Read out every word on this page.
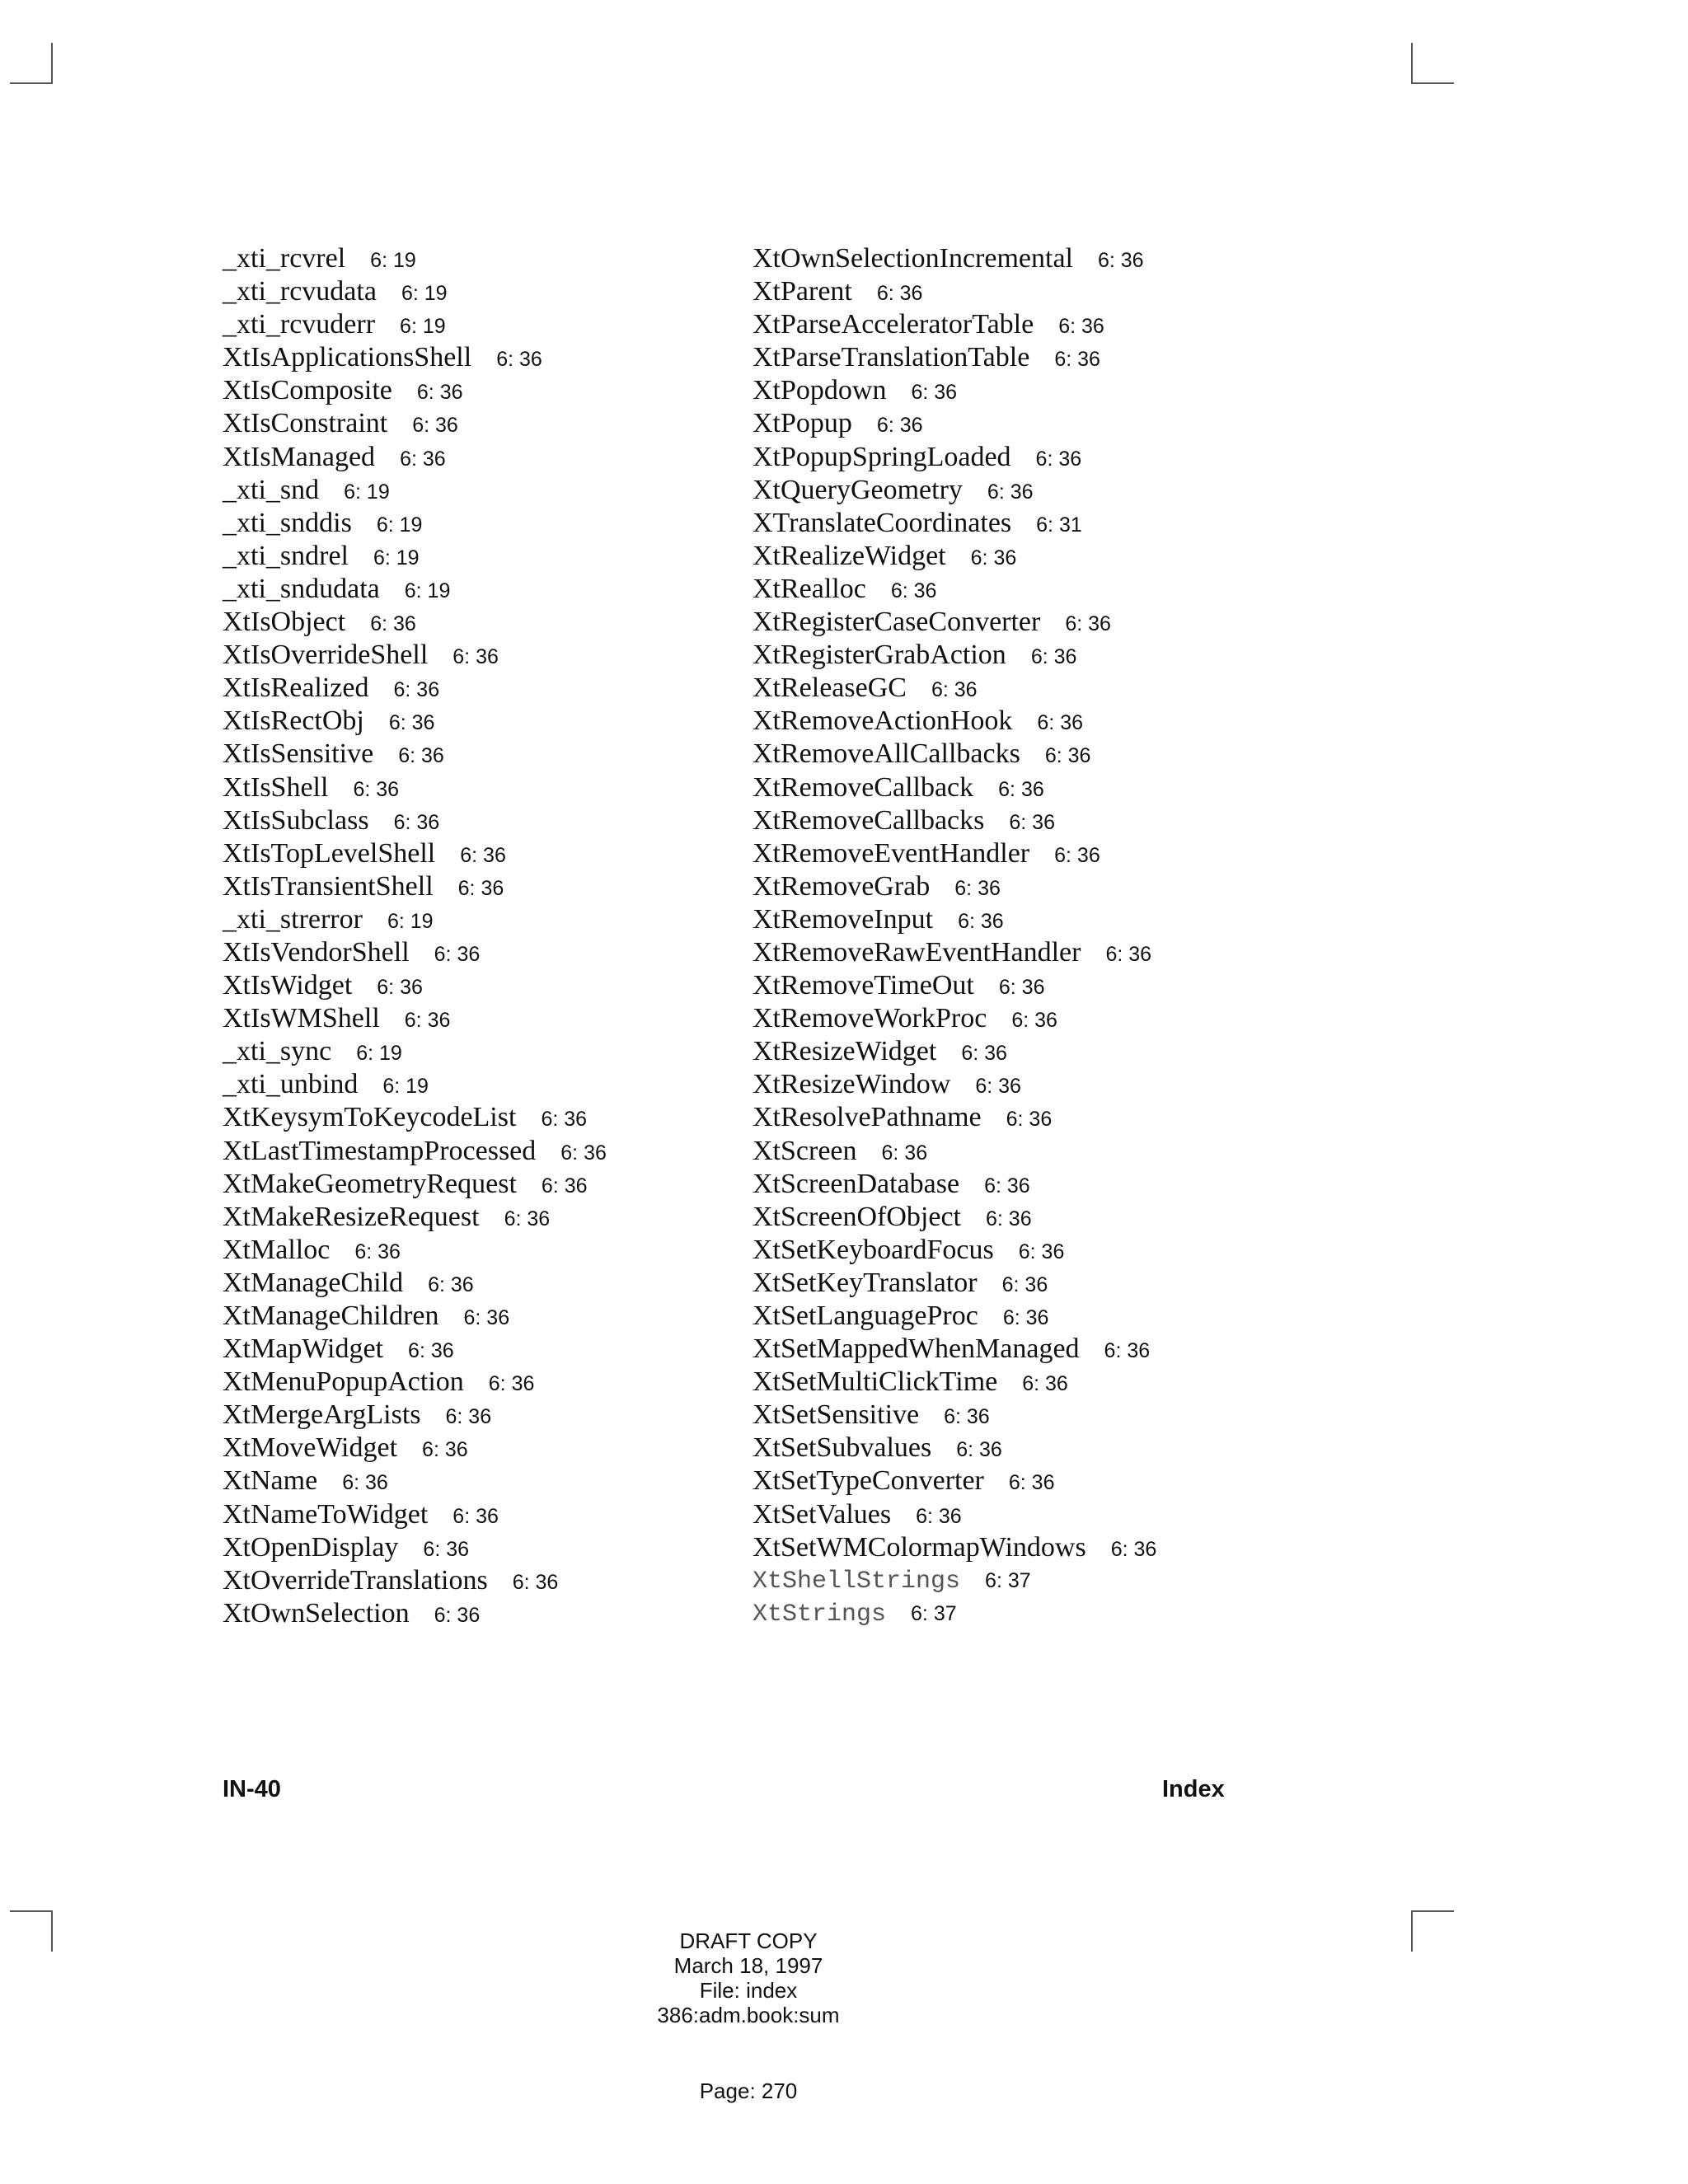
_xti_rcvrel 6: 19
_xti_rcvudata 6: 19
_xti_rcvuderr 6: 19
XtIsApplicationsShell 6: 36
XtIsComposite 6: 36
XtIsConstraint 6: 36
XtIsManaged 6: 36
_xti_snd 6: 19
_xti_snddis 6: 19
_xti_sndrel 6: 19
_xti_sndudata 6: 19
XtIsObject 6: 36
XtIsOverrideShell 6: 36
XtIsRealized 6: 36
XtIsRectObj 6: 36
XtIsSensitive 6: 36
XtIsShell 6: 36
XtIsSubclass 6: 36
XtIsTopLevelShell 6: 36
XtIsTransientShell 6: 36
_xti_strerror 6: 19
XtIsVendorShell 6: 36
XtIsWidget 6: 36
XtIsWMShell 6: 36
_xti_sync 6: 19
_xti_unbind 6: 19
XtKeysymToKeycodeList 6: 36
XtLastTimestampProcessed 6: 36
XtMakeGeometryRequest 6: 36
XtMakeResizeRequest 6: 36
XtMalloc 6: 36
XtManageChild 6: 36
XtManageChildren 6: 36
XtMapWidget 6: 36
XtMenuPopupAction 6: 36
XtMergeArgLists 6: 36
XtMoveWidget 6: 36
XtName 6: 36
XtNameToWidget 6: 36
XtOpenDisplay 6: 36
XtOverrideTranslations 6: 36
XtOwnSelection 6: 36
XtOwnSelectionIncremental 6: 36
XtParent 6: 36
XtParseAcceleratorTable 6: 36
XtParseTranslationTable 6: 36
XtPopdown 6: 36
XtPopup 6: 36
XtPopupSpringLoaded 6: 36
XtQueryGeometry 6: 36
XTranslateCoordinates 6: 31
XtRealizeWidget 6: 36
XtRealloc 6: 36
XtRegisterCaseConverter 6: 36
XtRegisterGrabAction 6: 36
XtReleaseGC 6: 36
XtRemoveActionHook 6: 36
XtRemoveAllCallbacks 6: 36
XtRemoveCallback 6: 36
XtRemoveCallbacks 6: 36
XtRemoveEventHandler 6: 36
XtRemoveGrab 6: 36
XtRemoveInput 6: 36
XtRemoveRawEventHandler 6: 36
XtRemoveTimeOut 6: 36
XtRemoveWorkProc 6: 36
XtResizeWidget 6: 36
XtResizeWindow 6: 36
XtResolvePathname 6: 36
XtScreen 6: 36
XtScreenDatabase 6: 36
XtScreenOfObject 6: 36
XtSetKeyboardFocus 6: 36
XtSetKeyTranslator 6: 36
XtSetLanguageProc 6: 36
XtSetMappedWhenManaged 6: 36
XtSetMultiClickTime 6: 36
XtSetSensitive 6: 36
XtSetSubvalues 6: 36
XtSetTypeConverter 6: 36
XtSetValues 6: 36
XtSetWMColormapWindows 6: 36
XtShellStrings 6: 37
XtStrings 6: 37
IN-40	Index
DRAFT COPY
March 18, 1997
File: index
386:adm.book:sum
Page: 270
